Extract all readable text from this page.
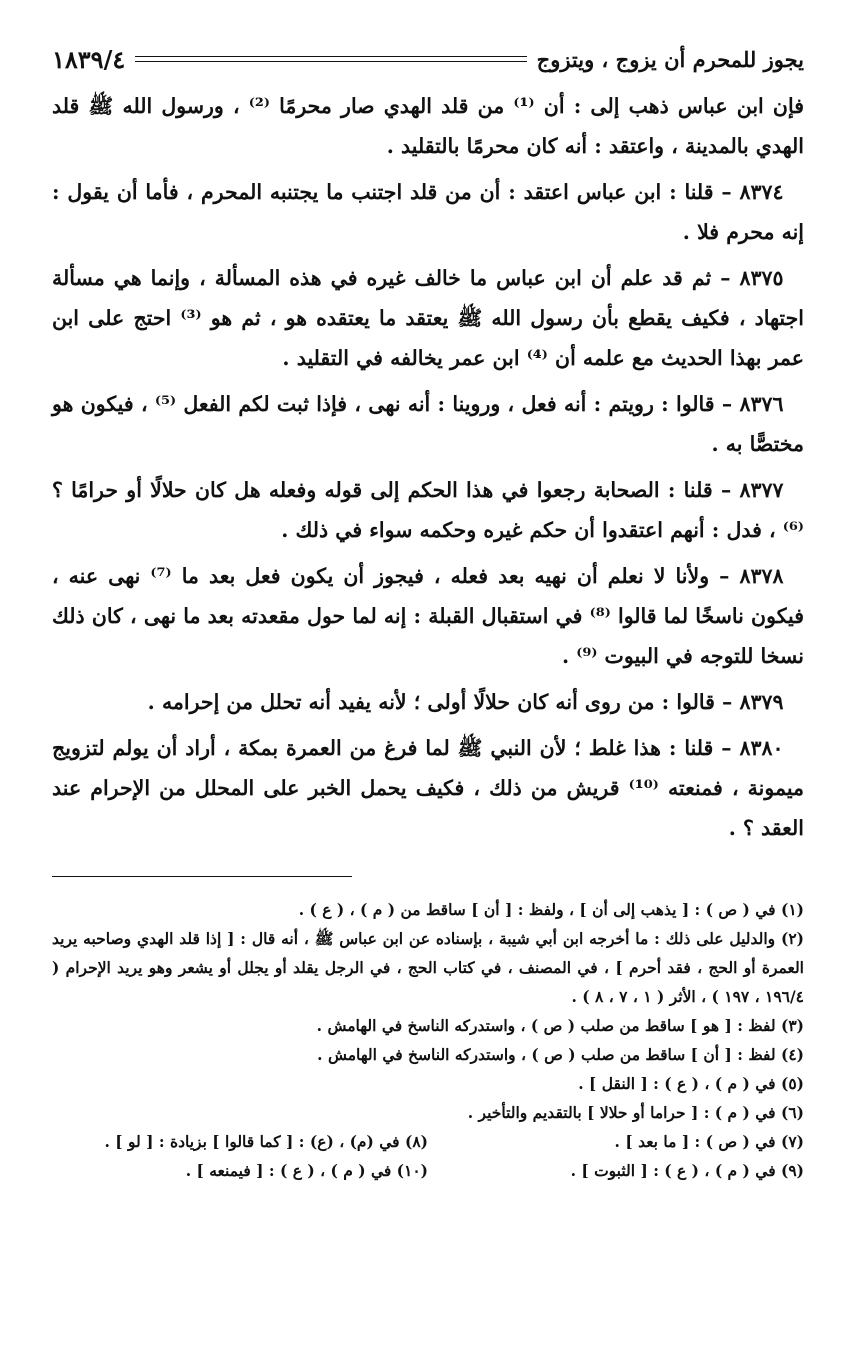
يجوز للمحرم أن يزوج ، ويتزوج
١٨٣٩/٤

فإن ابن عباس ذهب إلى : أن ⁽¹⁾ من قلد الهدي صار محرمًا ⁽²⁾ ، ورسول الله ﷺ قلد الهدي بالمدينة ، واعتقد : أنه كان محرمًا بالتقليد .

 ٨٣٧٤ – قلنا : ابن عباس اعتقد : أن من قلد اجتنب ما يجتنبه المحرم ، فأما أن يقول : إنه محرم فلا .

 ٨٣٧٥ – ثم قد علم أن ابن عباس ما خالف غيره في هذه المسألة ، وإنما هي مسألة اجتهاد ، فكيف يقطع بأن رسول الله ﷺ يعتقد ما يعتقده هو ، ثم هو ⁽³⁾ احتج على ابن عمر بهذا الحديث مع علمه أن ⁽⁴⁾ ابن عمر يخالفه في التقليد .

 ٨٣٧٦ – قالوا : رويتم : أنه فعل ، وروينا : أنه نهى ، فإذا ثبت لكم الفعل ⁽⁵⁾ ، فيكون هو مختصًّا به .

 ٨٣٧٧ – قلنا : الصحابة رجعوا في هذا الحكم إلى قوله وفعله هل كان حلالًا أو حرامًا ؟ ⁽⁶⁾ ، فدل : أنهم اعتقدوا أن حكم غيره وحكمه سواء في ذلك .

 ٨٣٧٨ – ولأنا لا نعلم أن نهيه بعد فعله ، فيجوز أن يكون فعل بعد ما ⁽⁷⁾ نهى عنه ، فيكون ناسخًا لما قالوا ⁽⁸⁾ في استقبال القبلة : إنه لما حول مقعدته بعد ما نهى ، كان ذلك نسخا للتوجه في البيوت ⁽⁹⁾ .

 ٨٣٧٩ – قالوا : من روى أنه كان حلالًا أولى ؛ لأنه يفيد أنه تحلل من إحرامه .

 ٨٣٨٠ – قلنا : هذا غلط ؛ لأن النبي ﷺ لما فرغ من العمرة بمكة ، أراد أن يولم لتزويج ميمونة ، فمنعته ⁽¹⁰⁾ قريش من ذلك ، فكيف يحمل الخبر على المحلل من الإحرام عند العقد ؟ .

(١) في ( ص ) : [ يذهب إلى أن ] ، ولفظ : [ أن ] ساقط من ( م ) ، ( ع ) .

(٢) والدليل على ذلك : ما أخرجه ابن أبي شيبة ، بإسناده عن ابن عباس ﷺ ، أنه قال : [ إذا قلد الهدي وصاحبه يريد العمرة أو الحج ، فقد أحرم ] ، في المصنف ، في كتاب الحج ، في الرجل يقلد أو يجلل أو يشعر وهو يريد الإحرام ( ١٩٦/٤ ، ١٩٧ ) ، الأثر ( ١ ، ٧ ، ٨ ) .

(٣) لفظ : [ هو ] ساقط من صلب ( ص ) ، واستدركه الناسخ في الهامش .

(٤) لفظ : [ أن ] ساقط من صلب ( ص ) ، واستدركه الناسخ في الهامش .

(٥) في ( م ) ، ( ع ) : [ النقل ] .

(٦) في ( م ) : [ حراما أو حلالا ] بالتقديم والتأخير .

(٧) في ( ص ) : [ ما بعد ] .
(٨) في (م) ، (ع) : [ كما قالوا ] بزيادة : [ لو ] .
(٩) في ( م ) ، ( ع ) : [ الثبوت ] .
(١٠) في ( م ) ، ( ع ) : [ فيمنعه ] .
